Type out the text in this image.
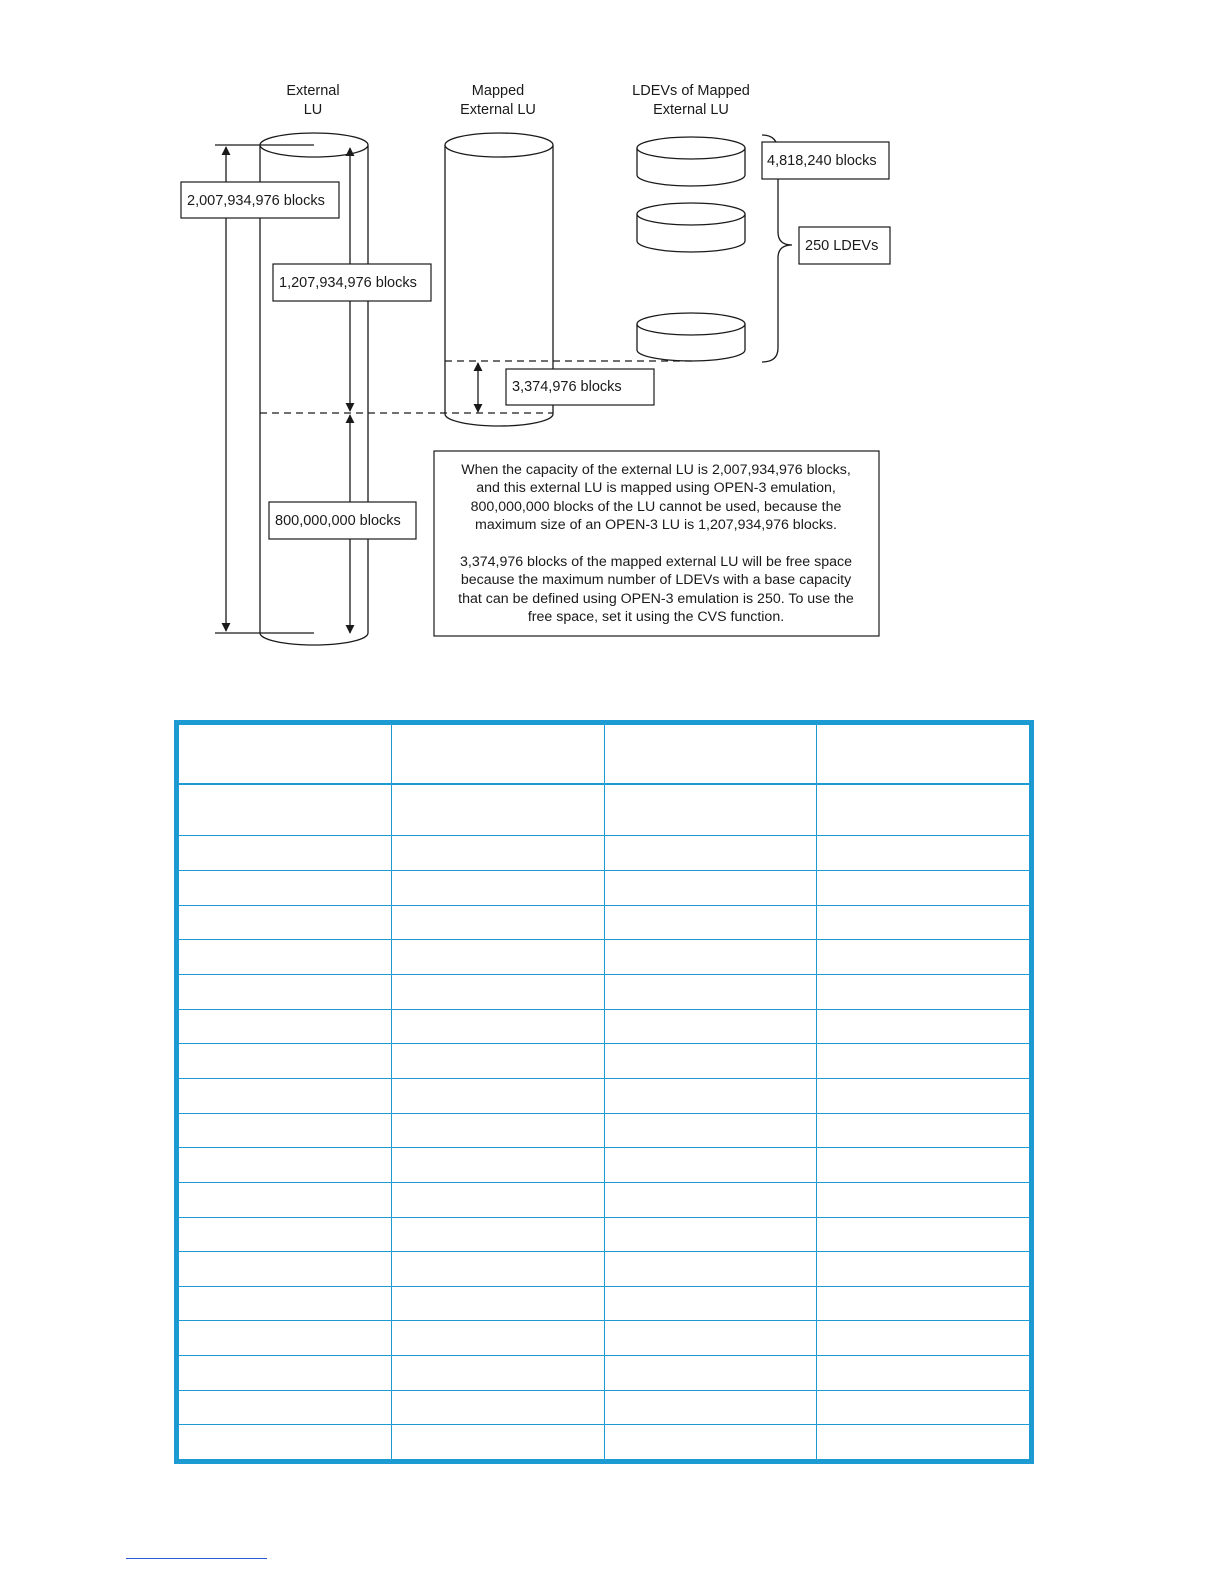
External
LU
Mapped
External LU
LDEVs of Mapped
External LU
2,007,934,976 blocks
1,207,934,976 blocks
800,000,000 blocks
3,374,976 blocks
4,818,240 blocks
250 LDEVs
When the capacity of the external LU is 2,007,934,976 blocks,
and this external LU is mapped using OPEN-3 emulation,
800,000,000 blocks of the LU cannot be used, because the
maximum size of an OPEN-3 LU is 1,207,934,976 blocks.
3,374,976 blocks of the mapped external LU will be free space
because the maximum number of LDEVs with a base capacity
that can be defined using OPEN-3 emulation is 250. To use the
free space, set it using the CVS function.
